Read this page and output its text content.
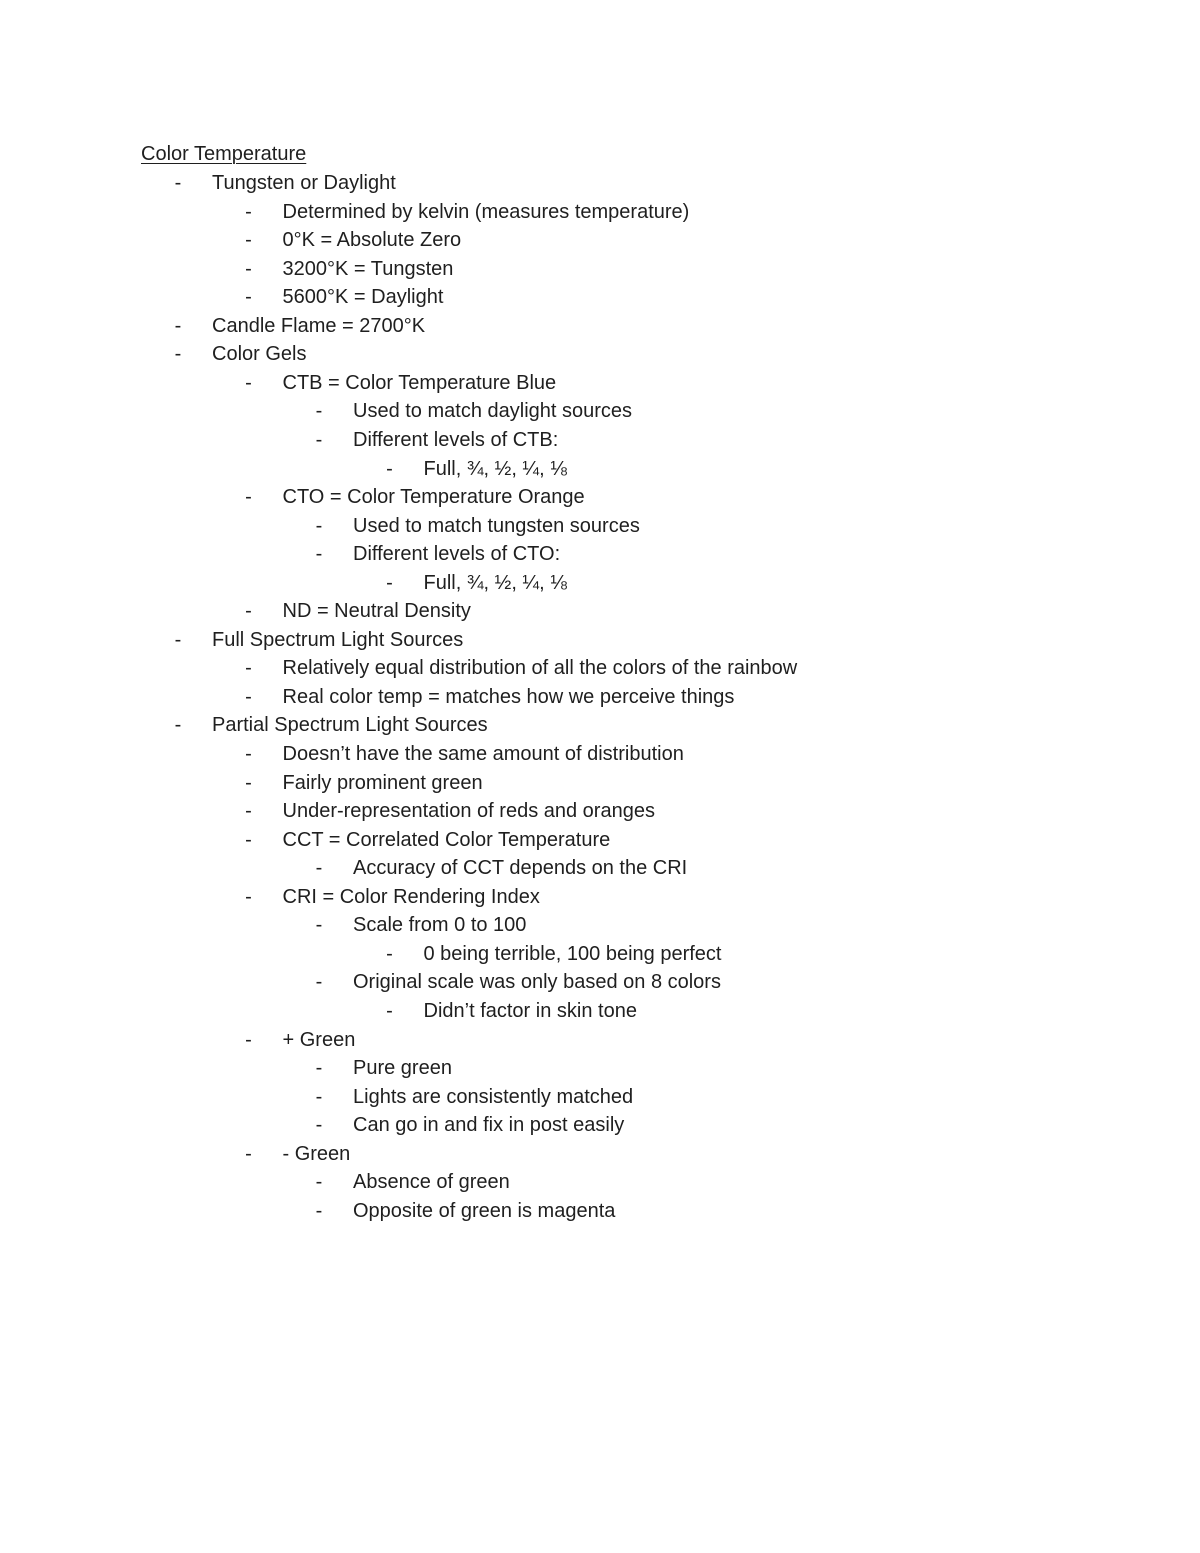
Color Temperature
-	Tungsten or Daylight
-	Determined by kelvin (measures temperature)
-	0°K = Absolute Zero
-	3200°K = Tungsten
-	5600°K = Daylight
-	Candle Flame = 2700°K
-	Color Gels
-	CTB = Color Temperature Blue
-	Used to match daylight sources
-	Different levels of CTB:
-	Full, ¾, ½, ¼, ⅛
-	CTO = Color Temperature Orange
-	Used to match tungsten sources
-	Different levels of CTO:
-	Full, ¾, ½, ¼, ⅛
-	ND = Neutral Density
-	Full Spectrum Light Sources
-	Relatively equal distribution of all the colors of the rainbow
-	Real color temp = matches how we perceive things
-	Partial Spectrum Light Sources
-	Doesn’t have the same amount of distribution
-	Fairly prominent green
-	Under-representation of reds and oranges
-	CCT = Correlated Color Temperature
-	Accuracy of CCT depends on the CRI
-	CRI = Color Rendering Index
-	Scale from 0 to 100
-	0 being terrible, 100 being perfect
-	Original scale was only based on 8 colors
-	Didn’t factor in skin tone
-	+ Green
-	Pure green
-	Lights are consistently matched
-	Can go in and fix in post easily
-	- Green
-	Absence of green
-	Opposite of green is magenta
